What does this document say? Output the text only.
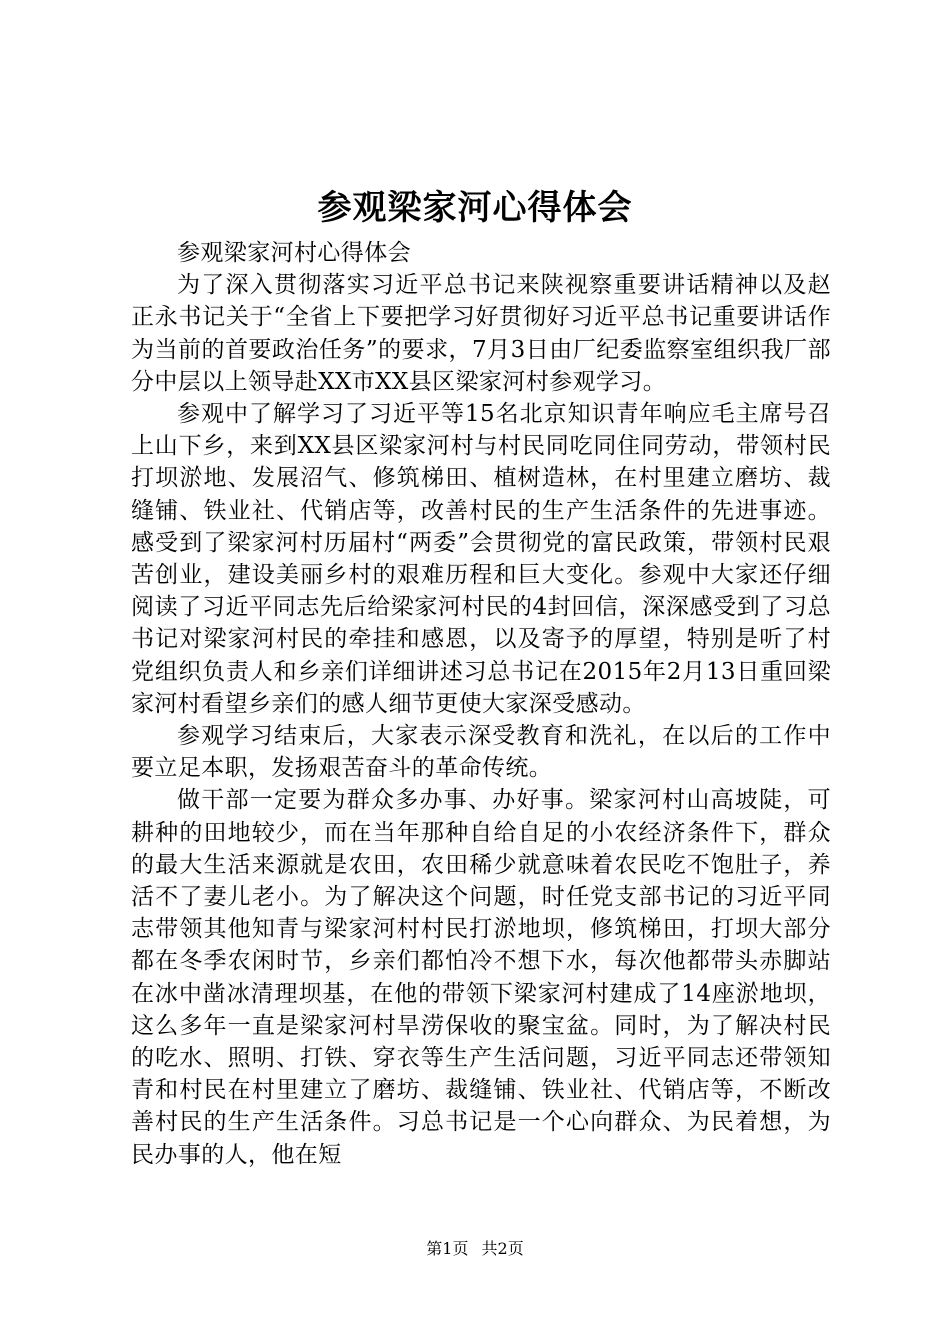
参观梁家河心得体会

参观梁家河村心得体会

为了深入贯彻落实习近平总书记来陕视察重要讲话精神以及赵正永书记关于“全省上下要把学习好贯彻好习近平总书记重要讲话作为当前的首要政治任务”的要求，7月3日由厂纪委监察室组织我厂部分中层以上领导赴XX市XX县区梁家河村参观学习。

参观中了解学习了习近平等15名北京知识青年响应毛主席号召上山下乡，来到XX县区梁家河村与村民同吃同住同劳动，带领村民打坝淤地、发展沼气、修筑梯田、植树造林，在村里建立磨坊、裁缝铺、铁业社、代销店等，改善村民的生产生活条件的先进事迹。感受到了梁家河村历届村“两委”会贯彻党的富民政策，带领村民艰苦创业，建设美丽乡村的艰难历程和巨大变化。参观中大家还仔细阅读了习近平同志先后给梁家河村民的4封回信，深深感受到了习总书记对梁家河村民的牵挂和感恩，以及寄予的厚望，特别是听了村党组织负责人和乡亲们详细讲述习总书记在2015年2月13日重回梁家河村看望乡亲们的感人细节更使大家深受感动。

参观学习结束后，大家表示深受教育和洗礼，在以后的工作中要立足本职，发扬艰苦奋斗的革命传统。

做干部一定要为群众多办事、办好事。梁家河村山高坡陡，可耕种的田地较少，而在当年那种自给自足的小农经济条件下，群众的最大生活来源就是农田，农田稀少就意味着农民吃不饱肚子，养活不了妻儿老小。为了解决这个问题，时任党支部书记的习近平同志带领其他知青与梁家河村村民打淤地坝，修筑梯田，打坝大部分都在冬季农闲时节，乡亲们都怕冷不想下水，每次他都带头赤脚站在冰中凿冰清理坝基，在他的带领下梁家河村建成了14座淤地坝，这么多年一直是梁家河村旱涝保收的聚宝盆。同时，为了解决村民的吃水、照明、打铁、穿衣等生产生活问题，习近平同志还带领知青和村民在村里建立了磨坊、裁缝铺、铁业社、代销店等，不断改善村民的生产生活条件。习总书记是一个心向群众、为民着想，为民办事的人，他在短

第1页 共2页
